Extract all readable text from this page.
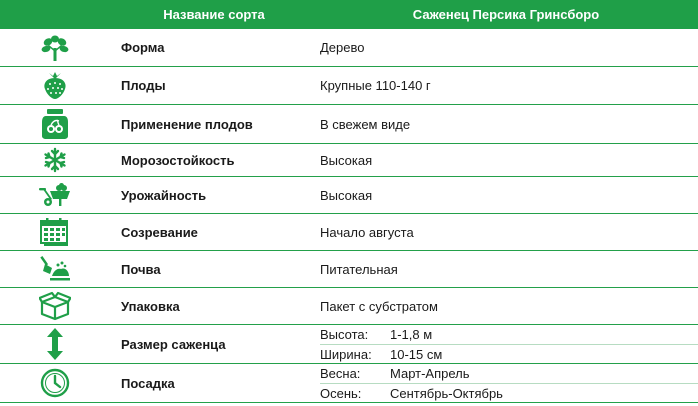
Название сорта	Саженец Персика Гринсборо
Форма	Дерево
Плоды	Крупные 110-140 г
Применение плодов	В свежем виде
Морозостойкость	Высокая
Урожайность	Высокая
Созревание	Начало августа
Почва	Питательная
Упаковка	Пакет с субстратом
Размер саженца
Высота:	1-1,8 м
Ширина:	10-15 см
Посадка
Весна:	Март-Апрель
Осень:	Сентябрь-Октябрь
